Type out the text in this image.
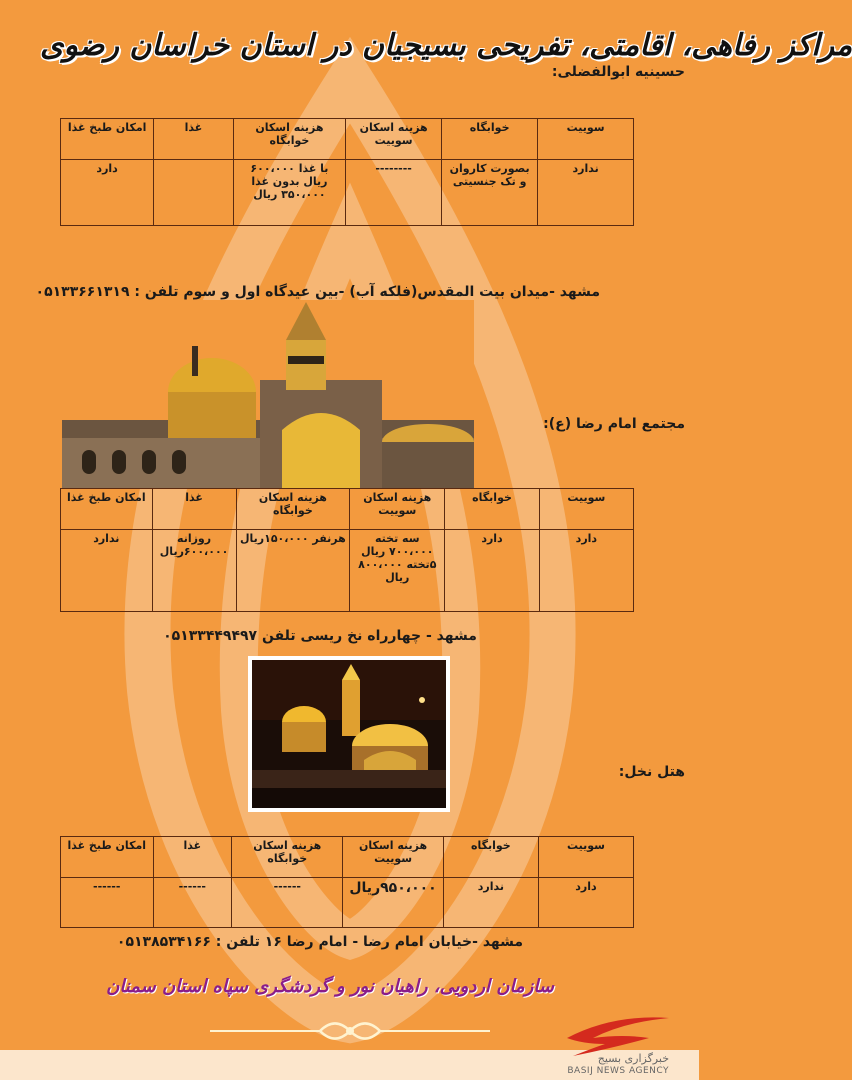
مراکز رفاهی، اقامتی، تفریحی بسیجیان در استان خراسان رضوی
حسینیه ابوالفضلی:
سوییت	خوابگاه	هزینه اسکان سوییت	هزینه اسکان خوابگاه	غذا	امکان طبخ غذا
ندارد	بصورت کاروان و تک جنسیتی	--------	با غذا ۶۰۰،۰۰۰ ریال بدون غذا ۳۵۰،۰۰۰ ریال		دارد
مشهد -میدان بیت المقدس(فلکه آب) -بین عیدگاه اول و سوم تلفن : ۰۵۱۳۳۶۶۱۳۱۹
مجتمع امام رضا (ع):
سوییت	خوابگاه	هزینه اسکان سوییت	هزینه اسکان خوابگاه	غذا	امکان طبخ غذا
دارد	دارد	سه تخته ۷۰۰،۰۰۰ ریال ۵تخته ۸۰۰،۰۰۰ ریال	هرنفر ۱۵۰،۰۰۰ریال	روزانه ۶۰۰،۰۰۰ریال	ندارد
مشهد - چهارراه نخ ریسی تلفن ۰۵۱۳۳۴۴۹۴۹۷
هتل نخل:
سوییت	خوابگاه	هزینه اسکان سوییت	هزینه اسکان خوابگاه	غذا	امکان طبخ غذا
دارد	ندارد	۹۵۰،۰۰۰ریال	------	------	------
مشهد -خیابان امام رضا - امام رضا ۱۶ تلفن : ۰۵۱۳۸۵۳۴۱۶۶
سازمان اردویی، راهیان نور و گردشگری سپاه استان سمنان
خبرگزاری بسیج
BASIJ NEWS AGENCY
